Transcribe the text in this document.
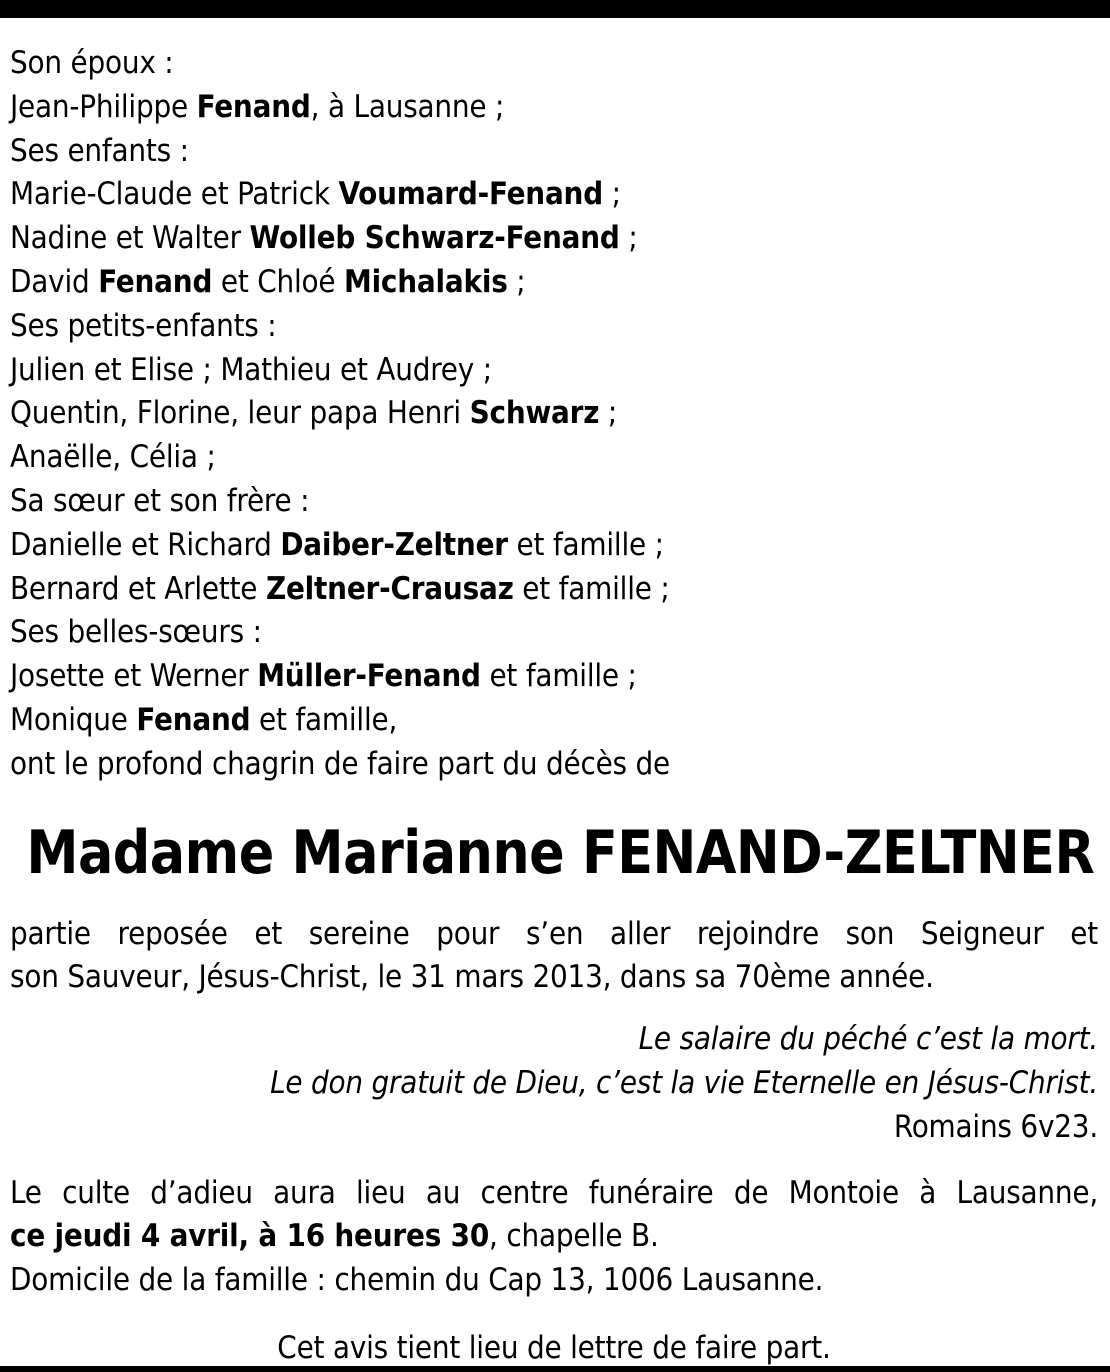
Son époux :
Jean-Philippe Fenand, à Lausanne ;
Ses enfants :
Marie-Claude et Patrick Voumard-Fenand ;
Nadine et Walter Wolleb Schwarz-Fenand ;
David Fenand et Chloé Michalakis ;
Ses petits-enfants :
Julien et Elise ; Mathieu et Audrey ;
Quentin, Florine, leur papa Henri Schwarz ;
Anaëlle, Célia ;
Sa sœur et son frère :
Danielle et Richard Daiber-Zeltner et famille ;
Bernard et Arlette Zeltner-Crausaz et famille ;
Ses belles-sœurs :
Josette et Werner Müller-Fenand et famille ;
Monique Fenand et famille,
ont le profond chagrin de faire part du décès de
Madame Marianne FENAND-ZELTNER
partie reposée et sereine pour s’en aller rejoindre son Seigneur et
son Sauveur, Jésus-Christ, le 31 mars 2013, dans sa 70ème année.
Le salaire du péché c’est la mort.
Le don gratuit de Dieu, c’est la vie Eternelle en Jésus-Christ.
Romains 6v23.
Le culte d’adieu aura lieu au centre funéraire de Montoie à Lausanne,
ce jeudi 4 avril, à 16 heures 30, chapelle B.
Domicile de la famille : chemin du Cap 13, 1006 Lausanne.
Cet avis tient lieu de lettre de faire part.
